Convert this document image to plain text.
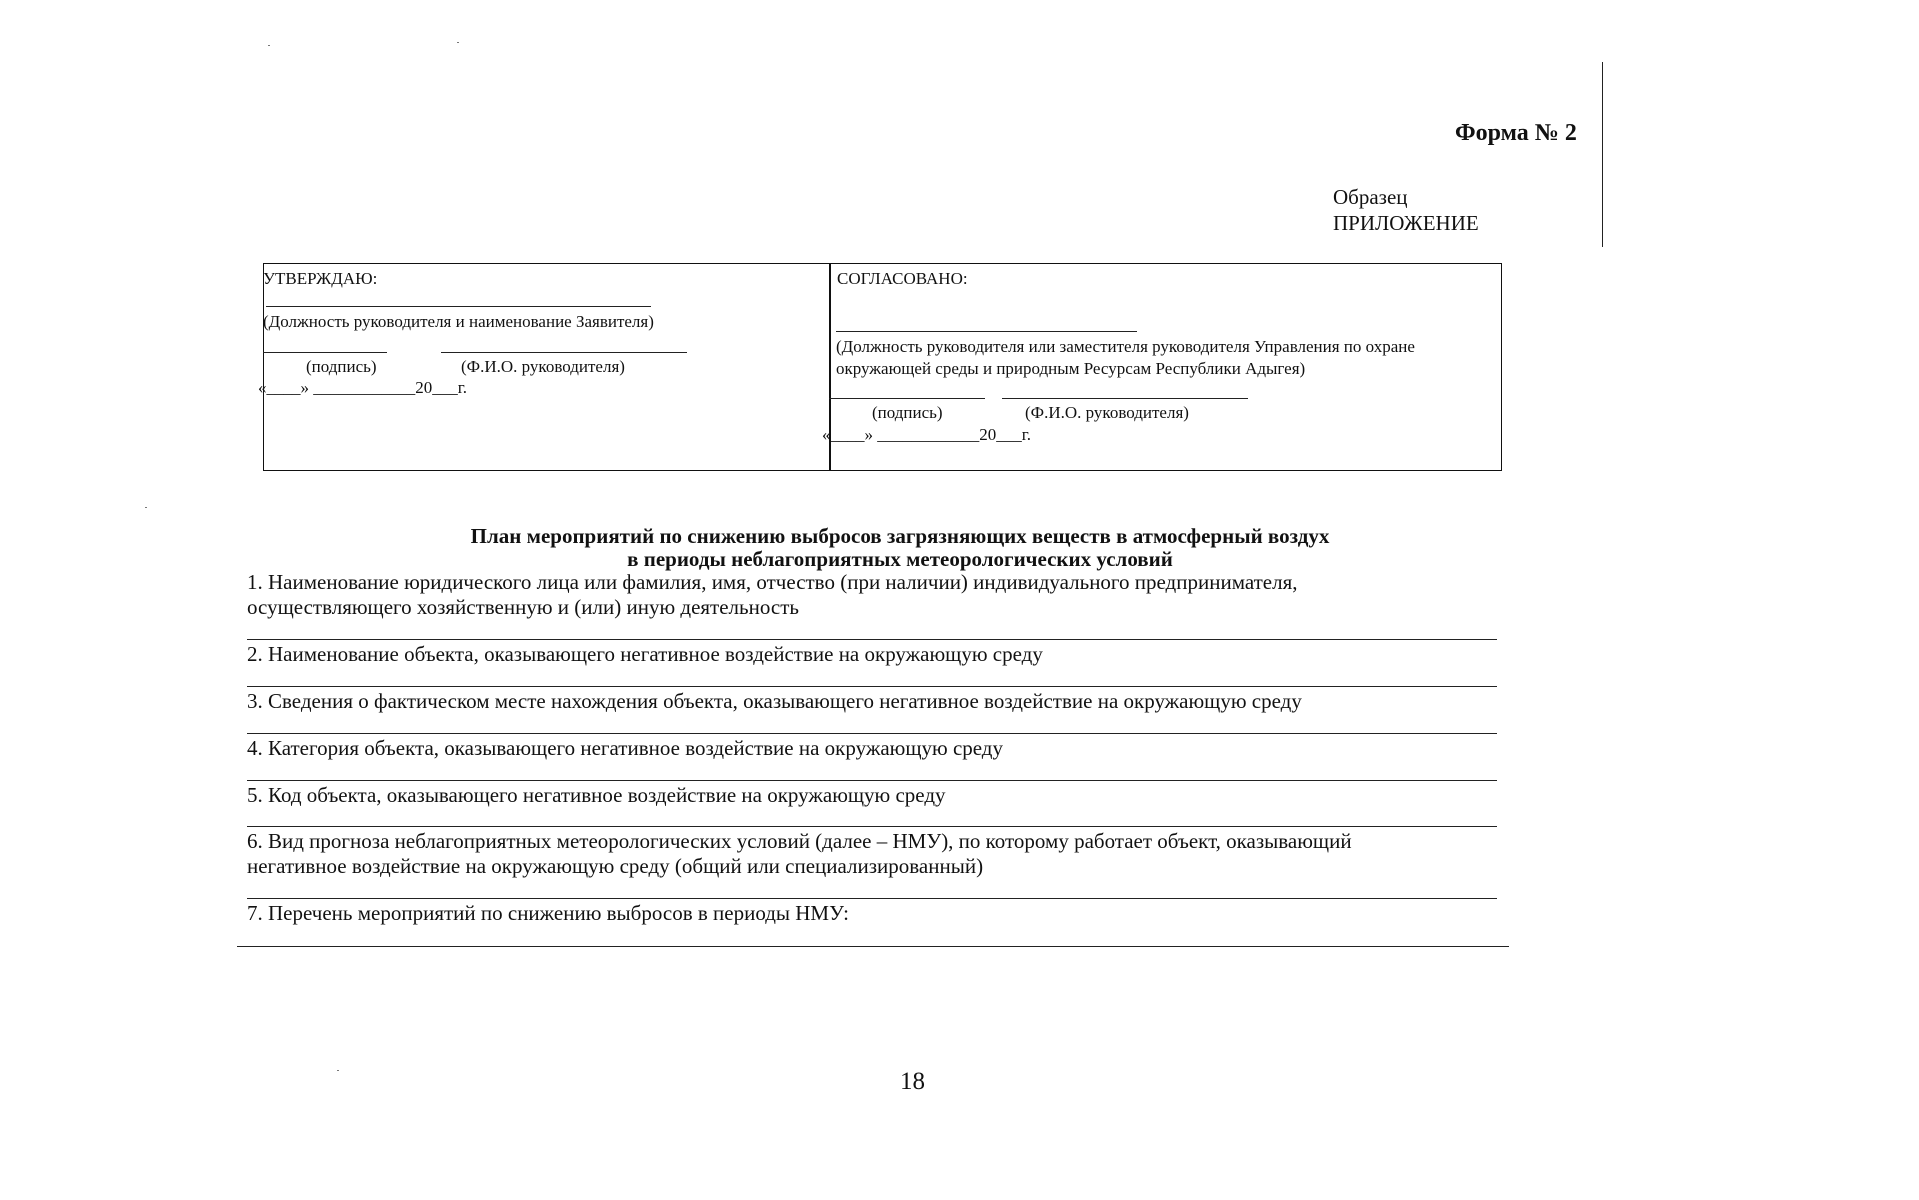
Форма № 2
Образец
ПРИЛОЖЕНИЕ
УТВЕРЖДАЮ:
(Должность руководителя и наименование Заявителя)
(подпись)	(Ф.И.О. руководителя)
«____» ____________20___г.
СОГЛАСОВАНО:
(Должность руководителя или заместителя руководителя Управления по охране
окружающей среды и природным Ресурсам Республики Адыгея)
(подпись)	(Ф.И.О. руководителя)
«____» ____________20___г.
План мероприятий по снижению выбросов загрязняющих веществ в атмосферный воздух
в периоды неблагоприятных метеорологических условий
1. Наименование юридического лица или фамилия, имя, отчество (при наличии) индивидуального предпринимателя,
осуществляющего хозяйственную и (или) иную деятельность
2. Наименование объекта, оказывающего негативное воздействие на окружающую среду
3. Сведения о фактическом месте нахождения объекта, оказывающего негативное воздействие на окружающую среду
4. Категория объекта, оказывающего негативное воздействие на окружающую среду
5. Код объекта, оказывающего негативное воздействие на окружающую среду
6. Вид прогноза неблагоприятных метеорологических условий (далее – НМУ), по которому работает объект, оказывающий
негативное воздействие на окружающую среду (общий или специализированный)
7. Перечень мероприятий по снижению выбросов в периоды НМУ:
18
